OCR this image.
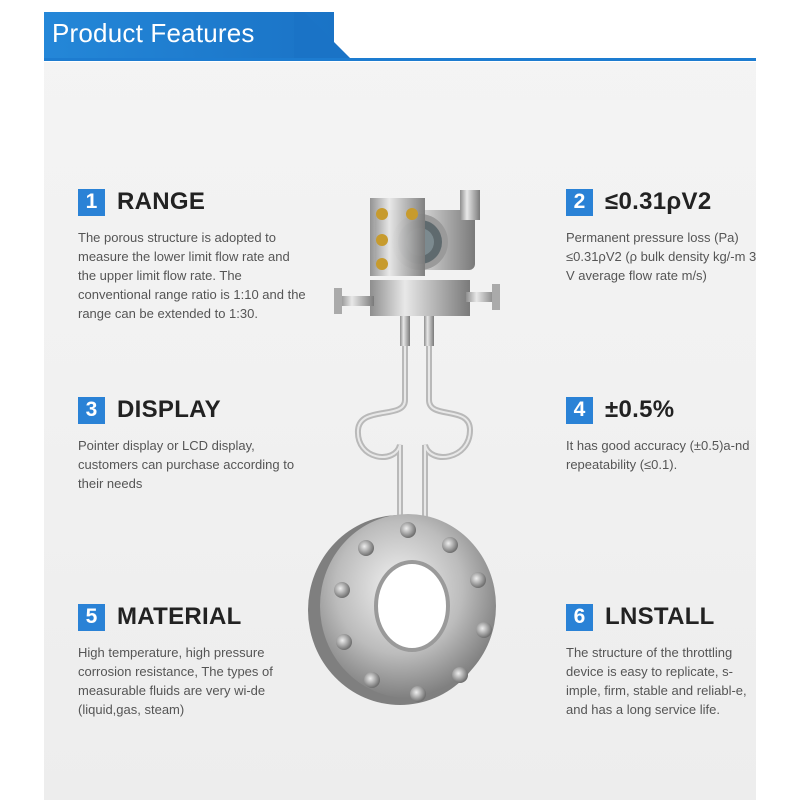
Product Features
1 RANGE
The porous structure is adopted to measure the lower limit flow rate and the upper limit flow rate. The conventional range ratio is 1:10 and the range can be extended to 1:30.
2 ≤0.31ρV2
Permanent pressure loss (Pa) ≤0.31ρV2 (ρ bulk density kg/-m 3 V average flow rate m/s)
3 DISPLAY
Pointer display or LCD display, customers can purchase according to their needs
4 ±0.5%
It has good accuracy (±0.5)a-nd repeatability (≤0.1).
5 MATERIAL
High temperature, high pressure corrosion resistance, The types of measurable fluids are very wi-de (liquid,gas, steam)
6 LNSTALL
The structure of the throttling device is easy to replicate, s-imple, firm, stable and reliabl-e, and has a long service life.
